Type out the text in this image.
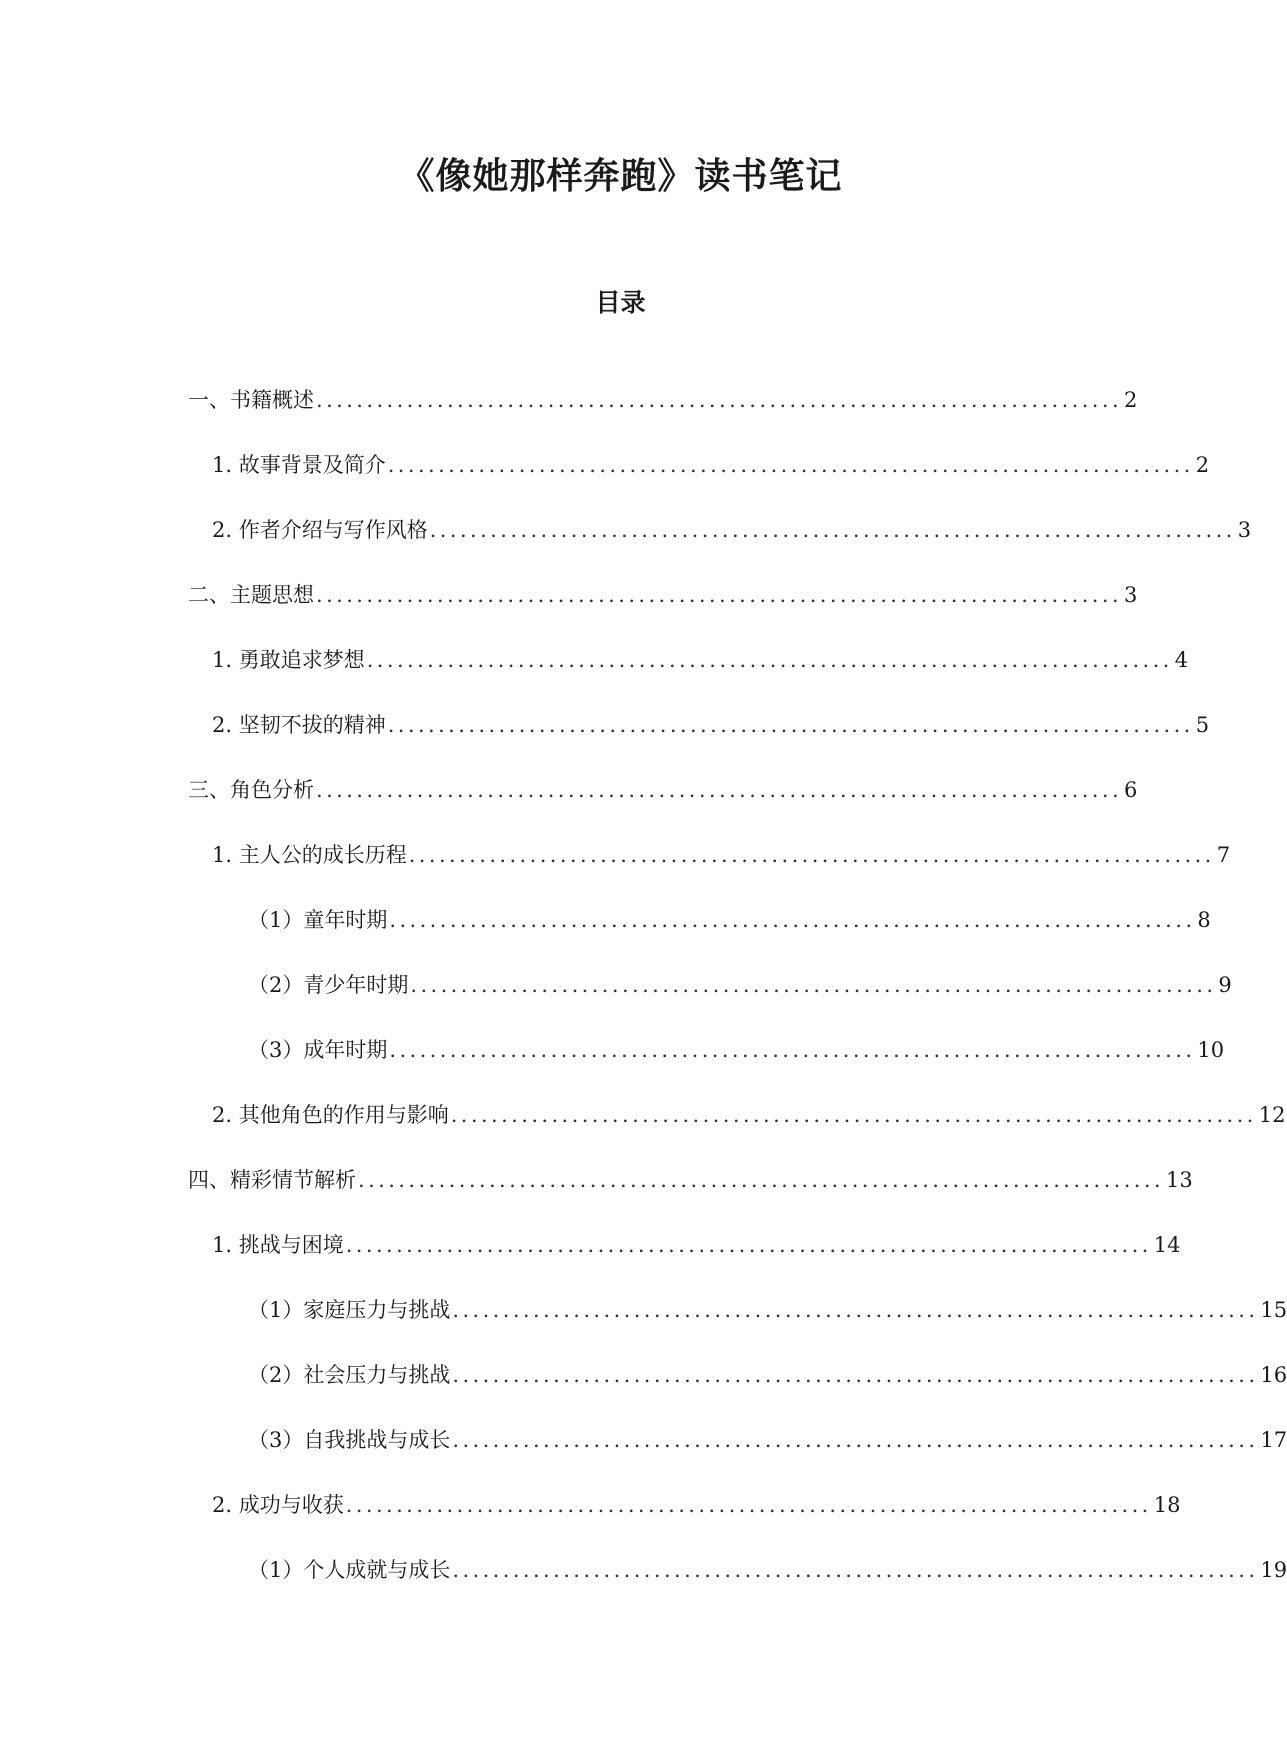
《像她那样奔跑》读书笔记
目录
一、书籍概述 ................................................................................ 2
1. 故事背景及简介 ................................................................................ 2
2. 作者介绍与写作风格 ................................................................................ 3
二、主题思想 ................................................................................ 3
1. 勇敢追求梦想 ................................................................................ 4
2. 坚韧不拔的精神 ................................................................................ 5
三、角色分析 ................................................................................ 6
1. 主人公的成长历程 ................................................................................ 7
（1）童年时期 ................................................................................ 8
（2）青少年时期 ................................................................................ 9
（3）成年时期 ................................................................................ 10
2. 其他角色的作用与影响 ................................................................................ 12
四、精彩情节解析 ................................................................................ 13
1. 挑战与困境 ................................................................................ 14
（1）家庭压力与挑战 ................................................................................ 15
（2）社会压力与挑战 ................................................................................ 16
（3）自我挑战与成长 ................................................................................ 17
2. 成功与收获 ................................................................................ 18
（1）个人成就与成长 ................................................................................ 19
